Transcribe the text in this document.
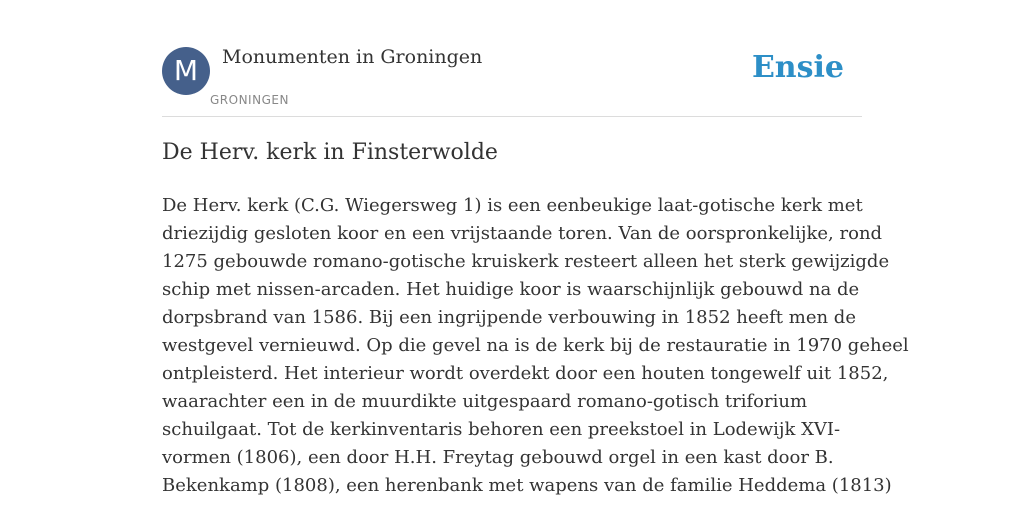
M	Monumenten in Groningen
GRONINGEN
Ensie
De Herv. kerk in Finsterwolde
De Herv. kerk (C.G. Wiegersweg 1) is een eenbeukige laat-gotische kerk met
driezijdig gesloten koor en een vrijstaande toren. Van de oorspronkelijke, rond
1275 gebouwde romano-gotische kruiskerk resteert alleen het sterk gewijzigde
schip met nissen-arcaden. Het huidige koor is waarschijnlijk gebouwd na de
dorpsbrand van 1586. Bij een ingrijpende verbouwing in 1852 heeft men de
westgevel vernieuwd. Op die gevel na is de kerk bij de restauratie in 1970 geheel
ontpleisterd. Het interieur wordt overdekt door een houten tongewelf uit 1852,
waarachter een in de muurdikte uitgespaard romano-gotisch triforium
schuilgaat. Tot de kerkinventaris behoren een preekstoel in Lodewijk XVI-
vormen (1806), een door H.H. Freytag gebouwd orgel in een kast door B.
Bekenkamp (1808), een herenbank met wapens van de familie Heddema (1813)
